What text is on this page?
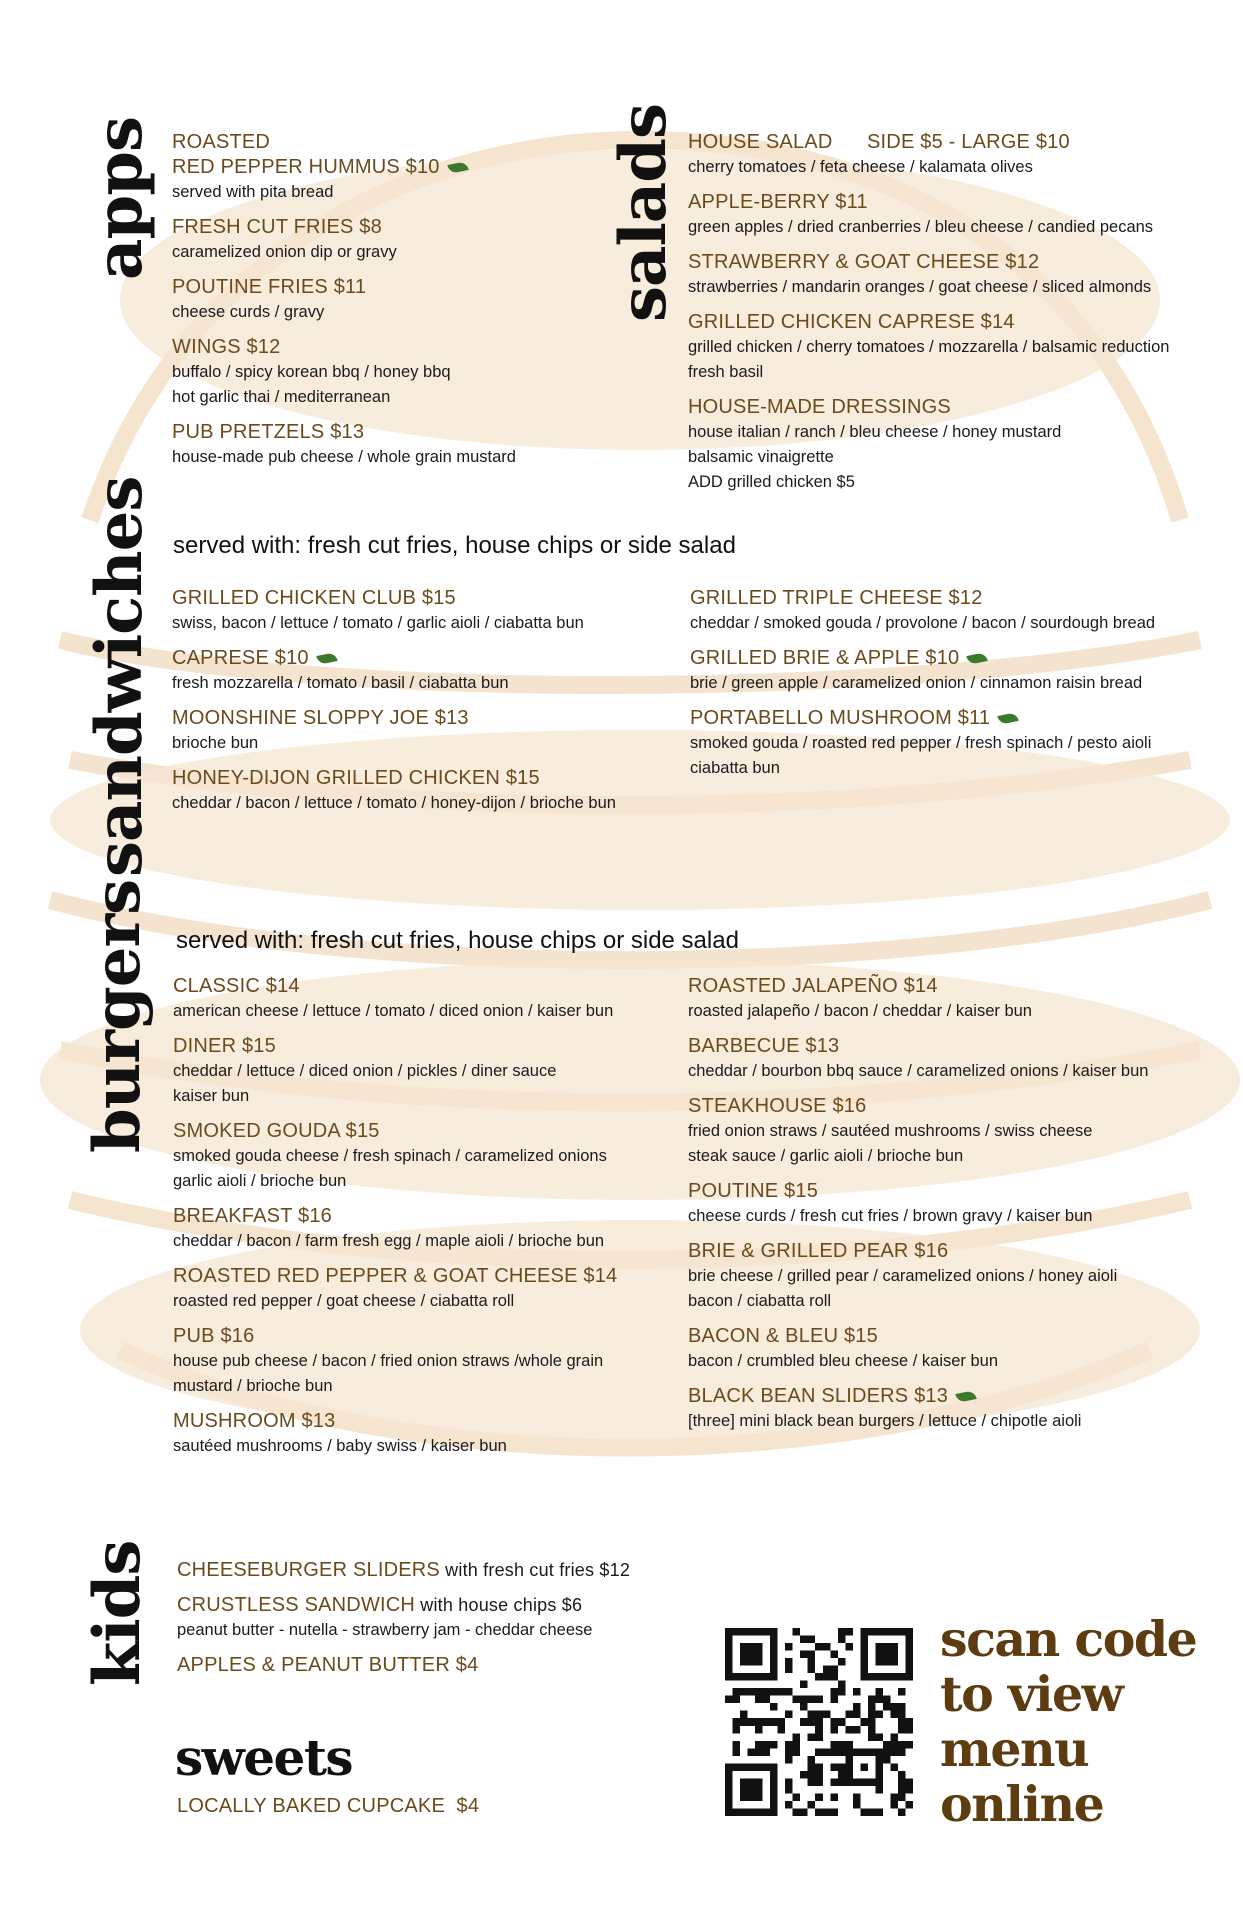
apps	salads
sandwiches
burgers
kids
ROASTED
RED PEPPER HUMMUS $10
served with pita bread
FRESH CUT FRIES $8
caramelized onion dip or gravy
POUTINE FRIES $11
cheese curds / gravy
WINGS $12
buffalo / spicy korean bbq / honey bbq
hot garlic thai / mediterranean
PUB PRETZELS $13
house-made pub cheese / whole grain mustard
HOUSE SALAD      SIDE $5 - LARGE $10
cherry tomatoes / feta cheese / kalamata olives
APPLE-BERRY $11
green apples / dried cranberries / bleu cheese / candied pecans
STRAWBERRY & GOAT CHEESE $12
strawberries / mandarin oranges / goat cheese / sliced almonds
GRILLED CHICKEN CAPRESE $14
grilled chicken / cherry tomatoes / mozzarella / balsamic reduction
fresh basil
HOUSE-MADE DRESSINGS
house italian / ranch / bleu cheese / honey mustard
balsamic vinaigrette
ADD grilled chicken $5
served with: fresh cut fries, house chips or side salad
GRILLED CHICKEN CLUB $15
swiss, bacon / lettuce / tomato / garlic aioli / ciabatta bun
CAPRESE $10
fresh mozzarella / tomato / basil / ciabatta bun
MOONSHINE SLOPPY JOE $13
brioche bun
HONEY-DIJON GRILLED CHICKEN $15
cheddar / bacon / lettuce / tomato / honey-dijon / brioche bun
GRILLED TRIPLE CHEESE $12
cheddar / smoked gouda / provolone / bacon / sourdough bread
GRILLED BRIE & APPLE $10
brie / green apple / caramelized onion / cinnamon raisin bread
PORTABELLO MUSHROOM $11
smoked gouda / roasted red pepper / fresh spinach / pesto aioli
ciabatta bun
served with: fresh cut fries, house chips or side salad
CLASSIC $14
american cheese / lettuce / tomato / diced onion / kaiser bun
DINER $15
cheddar / lettuce / diced onion / pickles / diner sauce
kaiser bun
SMOKED GOUDA $15
smoked gouda cheese / fresh spinach / caramelized onions
garlic aioli / brioche bun
BREAKFAST $16
cheddar / bacon / farm fresh egg / maple aioli / brioche bun
ROASTED RED PEPPER & GOAT CHEESE $14
roasted red pepper / goat cheese / ciabatta roll
PUB $16
house pub cheese / bacon / fried onion straws /whole grain
mustard / brioche bun
MUSHROOM $13
sautéed mushrooms / baby swiss / kaiser bun
ROASTED JALAPEÑO $14
roasted jalapeño / bacon / cheddar / kaiser bun
BARBECUE $13
cheddar / bourbon bbq sauce / caramelized onions / kaiser bun
STEAKHOUSE $16
fried onion straws / sautéed mushrooms / swiss cheese
steak sauce / garlic aioli / brioche bun
POUTINE $15
cheese curds / fresh cut fries / brown gravy / kaiser bun
BRIE & GRILLED PEAR $16
brie cheese / grilled pear / caramelized onions / honey aioli
bacon / ciabatta roll
BACON & BLEU $15
bacon / crumbled bleu cheese / kaiser bun
BLACK BEAN SLIDERS $13
[three] mini black bean burgers / lettuce / chipotle aioli
CHEESEBURGER SLIDERS with fresh cut fries $12
CRUSTLESS SANDWICH with house chips $6
peanut butter - nutella - strawberry jam - cheddar cheese
APPLES & PEANUT BUTTER $4
sweets
LOCALLY BAKED CUPCAKE  $4
scan code
to view
menu
online
